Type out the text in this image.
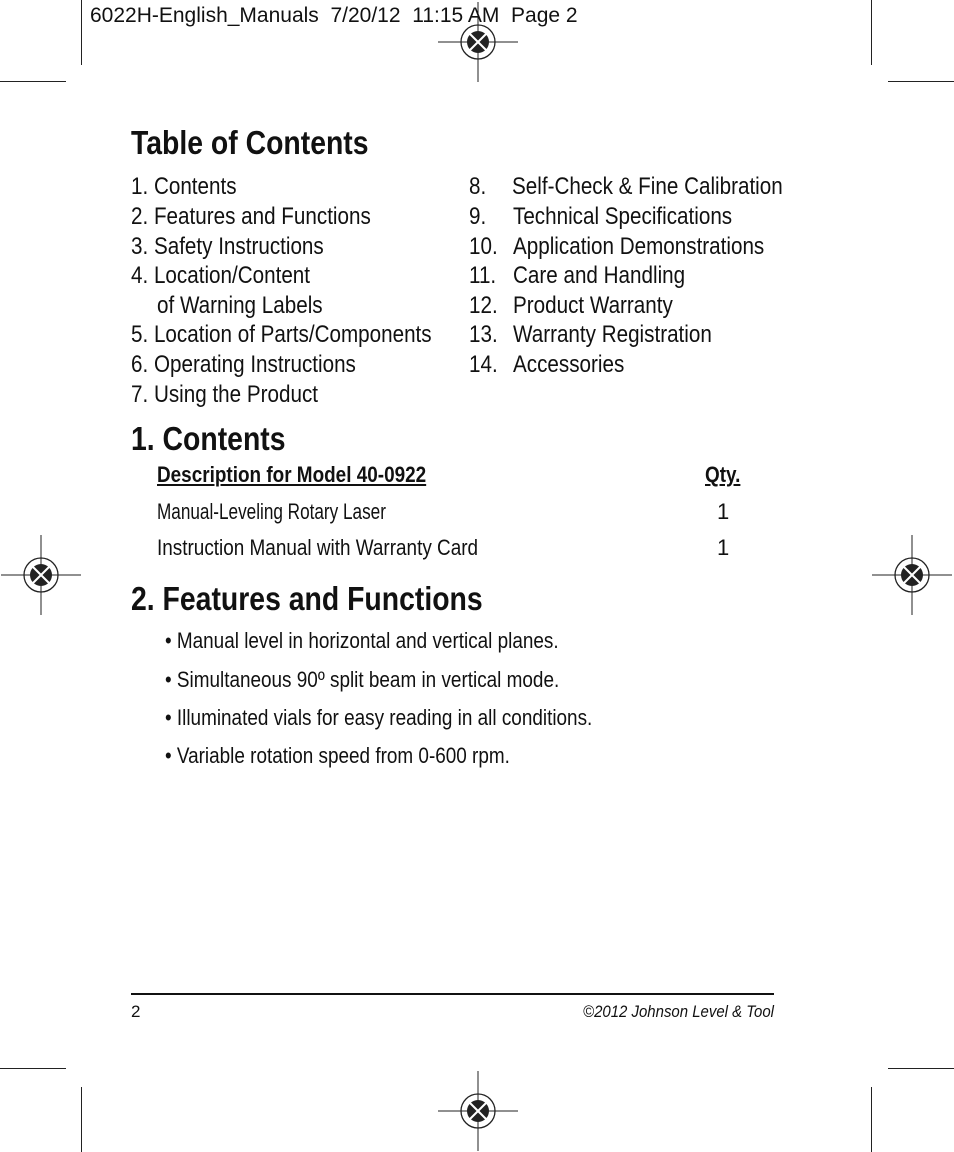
6022H-English_Manuals  7/20/12  11:15 AM  Page 2
Table of Contents
1. Contents
2. Features and Functions
3. Safety Instructions
4. Location/Content
of Warning Labels
5. Location of Parts/Components
6. Operating Instructions
7. Using the Product
8. Self-Check & Fine Calibration
9. Technical Specifications
10. Application Demonstrations
11. Care and Handling
12. Product Warranty
13. Warranty Registration
14. Accessories
1. Contents
Description for Model 40-0922	Qty.
Manual-Leveling Rotary Laser	1
Instruction Manual with Warranty Card	1
2. Features and Functions
• Manual level in horizontal and vertical planes.
• Simultaneous 90º split beam in vertical mode.
• Illuminated vials for easy reading in all conditions.
• Variable rotation speed from 0-600 rpm.
2	©2012 Johnson Level & Tool
